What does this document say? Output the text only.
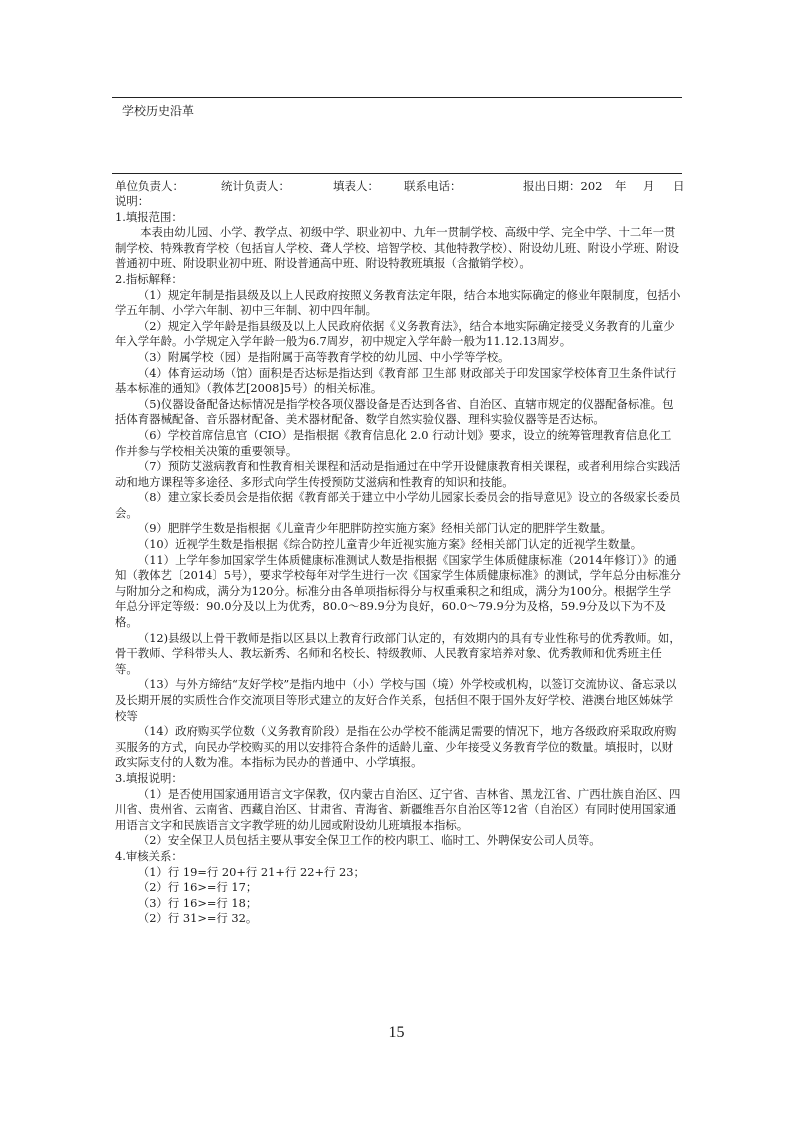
学校历史沿革
单位负责人：	统计负责人：	填表人： 联系电话：	报出日期：202 年 月 日

说明：

1.填报范围：

本表由幼儿园、小学、教学点、初级中学、职业初中、九年一贯制学校、高级中学、完全中学、十二年一贯制学校、特殊教育学校（包括盲人学校、聋人学校、培智学校、其他特教学校）、附设幼儿班、附设小学班、附设普通初中班、附设职业初中班、附设普通高中班、附设特教班填报（含撤销学校）。

2.指标解释：

（1）规定年制是指县级及以上人民政府按照义务教育法定年限，结合本地实际确定的修业年限制度，包括小学五年制、小学六年制、初中三年制、初中四年制。

（2）规定入学年龄是指县级及以上人民政府依据《义务教育法》，结合本地实际确定接受义务教育的儿童少年入学年龄。小学规定入学年龄一般为6.7周岁，初中规定入学年龄一般为11.12.13周岁。

（3）附属学校（园）是指附属于高等教育学校的幼儿园、中小学等学校。

（4）体育运动场（馆）面积是否达标是指达到《教育部 卫生部 财政部关于印发国家学校体育卫生条件试行基本标准的通知》（教体艺[2008]5号）的相关标准。

（5)仪器设备配备达标情况是指学校各项仪器设备是否达到各省、自治区、直辖市规定的仪器配备标准。包括体育器械配备、音乐器材配备、美术器材配备、数学自然实验仪器、理科实验仪器等是否达标。

（6）学校首席信息官（CIO）是指根据《教育信息化 2.0 行动计划》要求，设立的统筹管理教育信息化工作并参与学校相关决策的重要领导。

（7）预防艾滋病教育和性教育相关课程和活动是指通过在中学开设健康教育相关课程，或者利用综合实践活动和地方课程等多途径、多形式向学生传授预防艾滋病和性教育的知识和技能。

（8）建立家长委员会是指依据《教育部关于建立中小学幼儿园家长委员会的指导意见》设立的各级家长委员会。

（9）肥胖学生数是指根据《儿童青少年肥胖防控实施方案》经相关部门认定的肥胖学生数量。

（10）近视学生数是指根据《综合防控儿童青少年近视实施方案》经相关部门认定的近视学生数量。

（11）上学年参加国家学生体质健康标准测试人数是指根据《国家学生体质健康标准（2014年修订）》的通知（教体艺〔2014〕5号），要求学校每年对学生进行一次《国家学生体质健康标准》的测试，学年总分由标准分与附加分之和构成，满分为120分。标准分由各单项指标得分与权重乘积之和组成，满分为100分。根据学生学年总分评定等级：90.0分及以上为优秀，80.0～89.9分为良好，60.0～79.9分为及格，59.9分及以下为不及格。

（12)县级以上骨干教师是指以区县以上教育行政部门认定的，有效期内的具有专业性称号的优秀教师。如，骨干教师、学科带头人、教坛新秀、名师和名校长、特级教师、人民教育家培养对象、优秀教师和优秀班主任等。

（13）与外方缔结“友好学校”是指内地中（小）学校与国（境）外学校或机构，以签订交流协议、备忘录以及长期开展的实质性合作交流项目等形式建立的友好合作关系，包括但不限于国外友好学校、港澳台地区姊妹学校等

（14）政府购买学位数（义务教育阶段）是指在公办学校不能满足需要的情况下，地方各级政府采取政府购买服务的方式，向民办学校购买的用以安排符合条件的适龄儿童、少年接受义务教育学位的数量。填报时，以财政实际支付的人数为准。本指标为民办的普通中、小学填报。

3.填报说明：

（1）是否使用国家通用语言文字保教，仅内蒙古自治区、辽宁省、吉林省、黑龙江省、广西壮族自治区、四川省、贵州省、云南省、西藏自治区、甘肃省、青海省、新疆维吾尔自治区等12省（自治区）有同时使用国家通用语言文字和民族语言文字教学班的幼儿园或附设幼儿班填报本指标。

（2）安全保卫人员包括主要从事安全保卫工作的校内职工、临时工、外聘保安公司人员等。

4.审核关系：

（1）行 19=行 20+行 21+行 22+行 23；

（2）行 16>=行 17；

（3）行 16>=行 18；

（2）行 31>=行 32。

15
